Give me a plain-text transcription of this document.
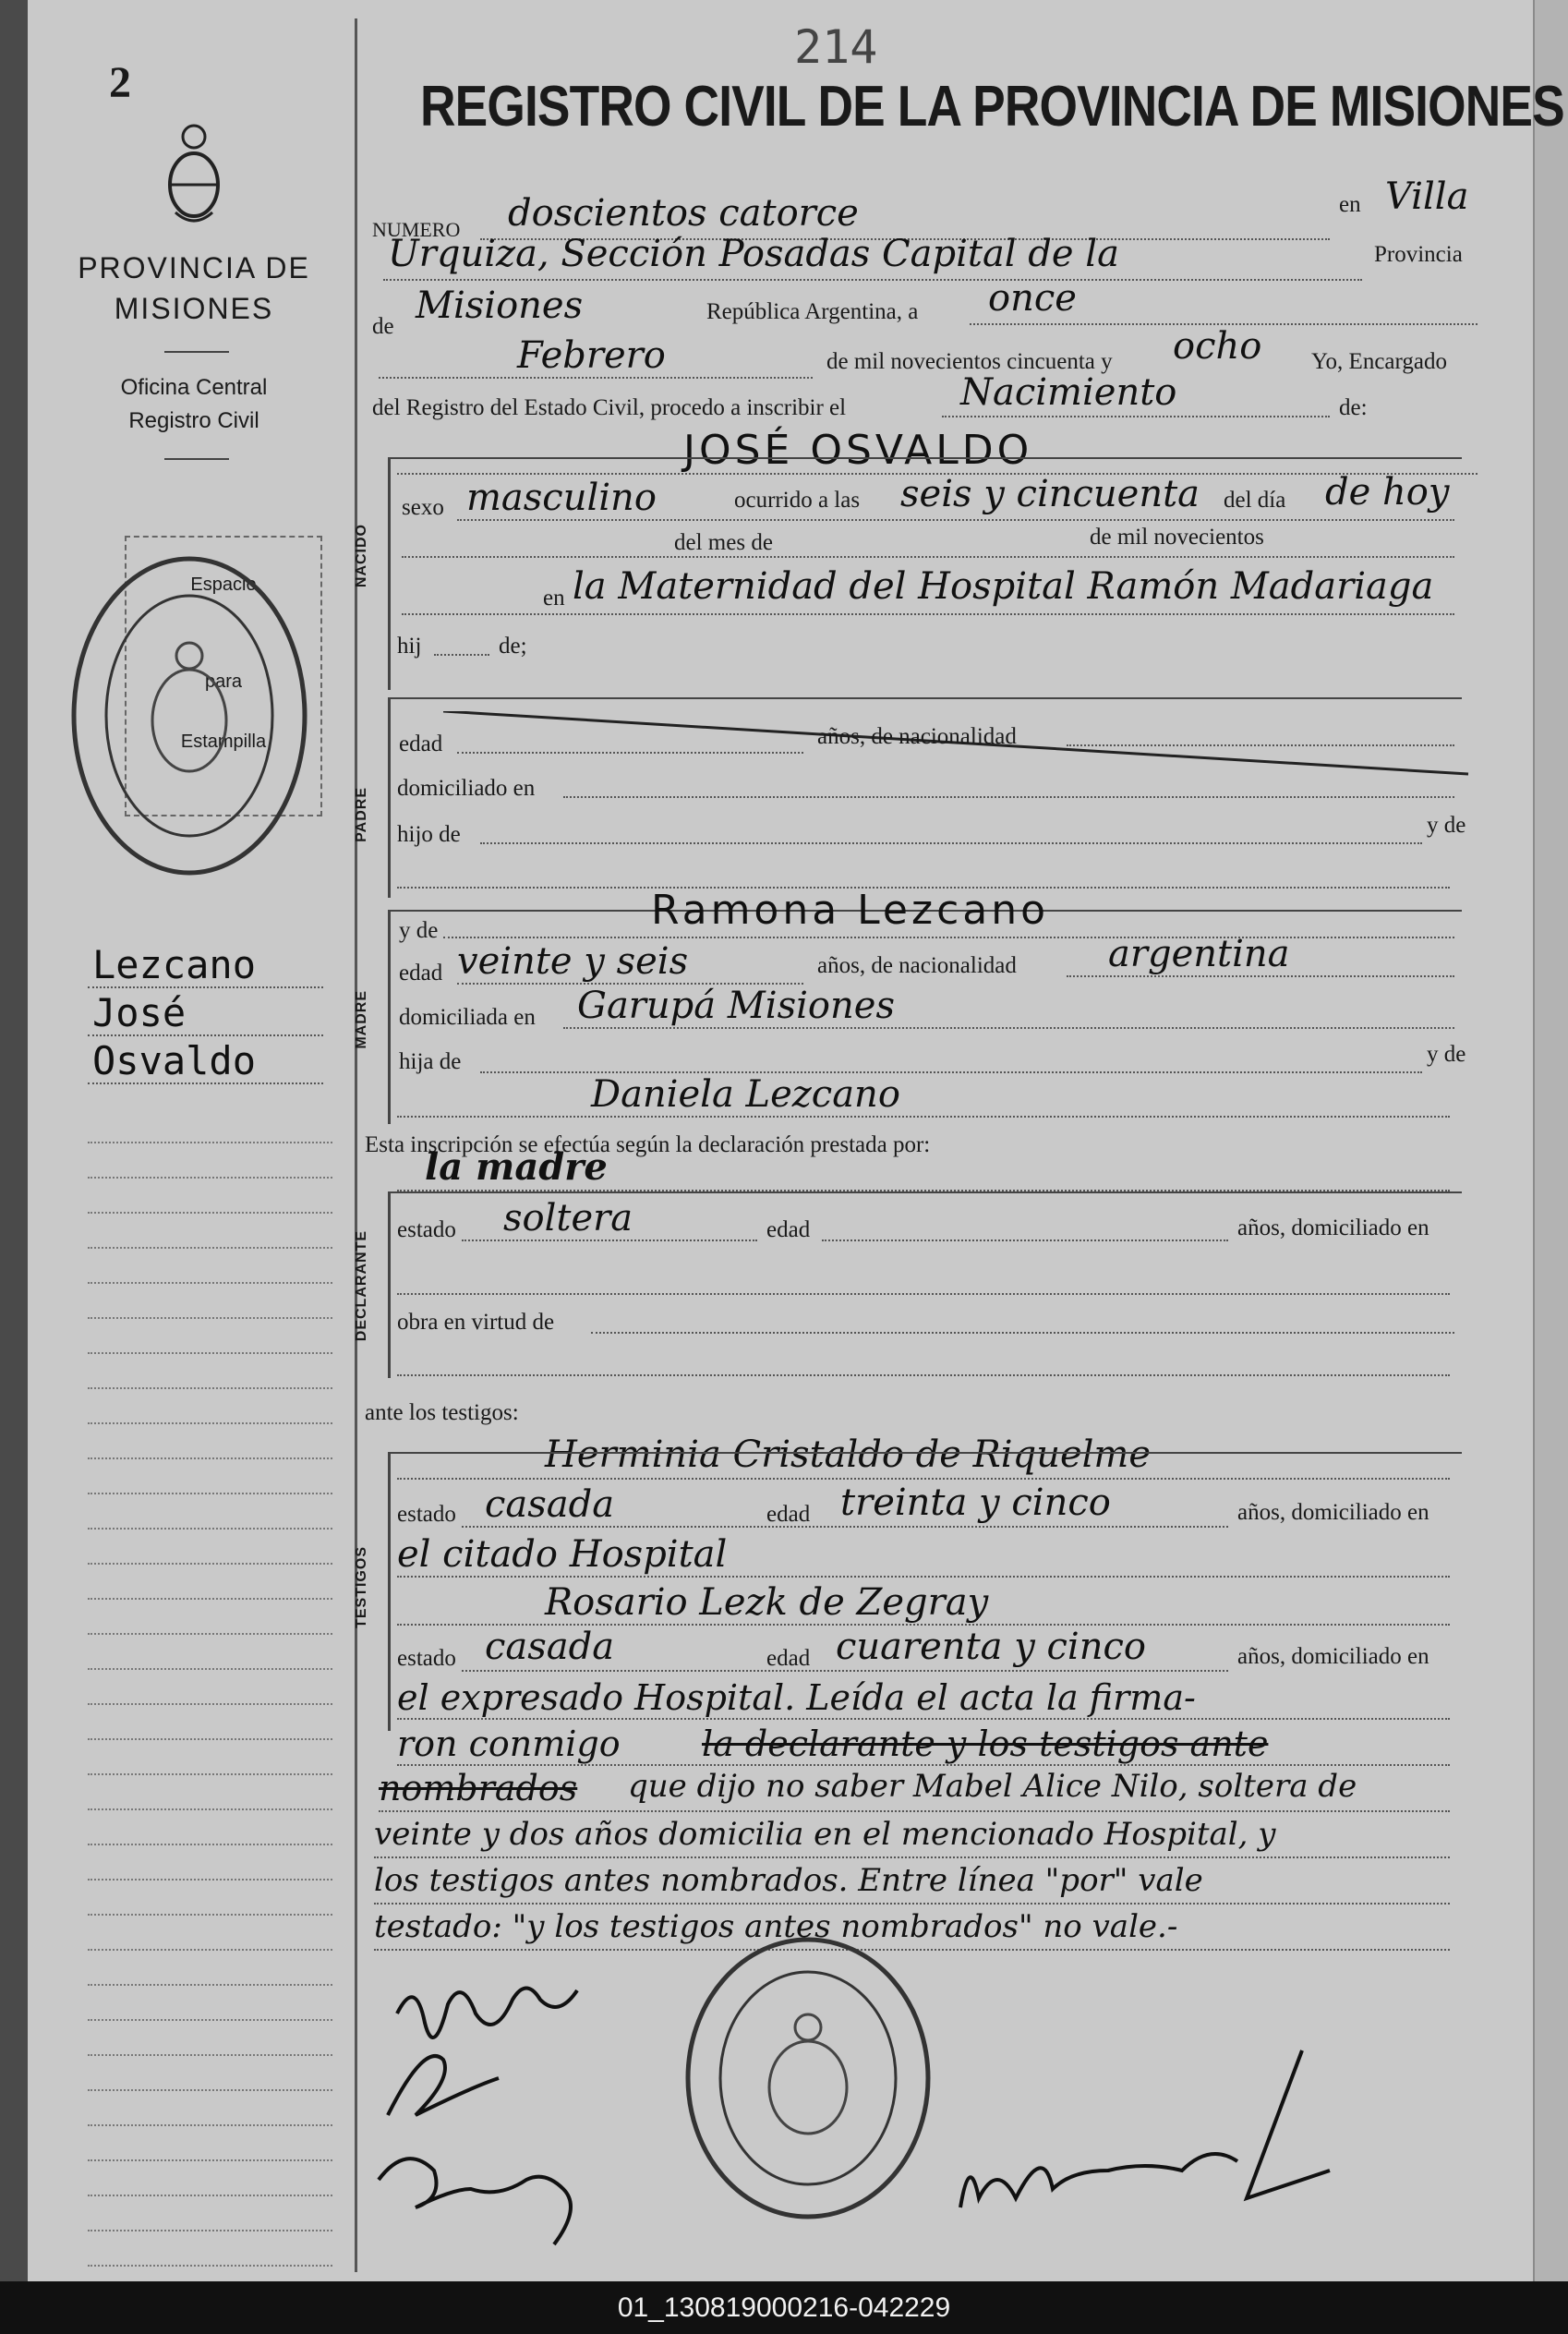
2
PROVINCIA DE
MISIONES
Oficina Central
Registro Civil
Espacio
para
Estampilla
Lezcano
José
Osvaldo
214
REGISTRO CIVIL DE LA PROVINCIA DE MISIONES
NUMERO doscientos catorce	en Villa
Urquiza, Sección Posadas Capital de la	Provincia
de Misiones	República Argentina, a once
Febrero	de mil novecientos cincuenta y ocho Yo, Encargado
del Registro del Estado Civil, procedo a inscribir el	Nacimiento	de:
JOSÉ OSVALDO
NACIDO
sexo masculino	ocurrido a las seis y cincuenta del día de hoy
del mes de	de mil novecientos
en la Maternidad del Hospital Ramón Madariaga
hij	de;
PADRE
edad	años, de nacionalidad
domiciliado en
hijo de	y de
MADRE
y de	Ramona Lezcano
edad veinte y seis	años, de nacionalidad argentina
domiciliada en Garupá Misiones
hija de	y de
Daniela Lezcano
Esta inscripción se efectúa según la declaración prestada por:
la madre
DECLARANTE
estado soltera	edad	años, domiciliado en
obra en virtud de
ante los testigos:
Herminia Cristaldo de Riquelme
TESTIGOS
estado casada	edad treinta y cinco	años, domiciliado en
el citado Hospital
Rosario Lezk de Zegray
estado casada	edad cuarenta y cinco	años, domiciliado en
el expresado Hospital. Leída el acta la firma-
ron conmigo la declarante y los testigos ante
nombrados que dijo no saber Mabel Alice Nilo, soltera de
veinte y dos años domicilia en el mencionado Hospital, y
los testigos antes nombrados. Entre línea "por" vale
testado: "y los testigos antes nombrados" no vale.-
01_130819000216-042229
